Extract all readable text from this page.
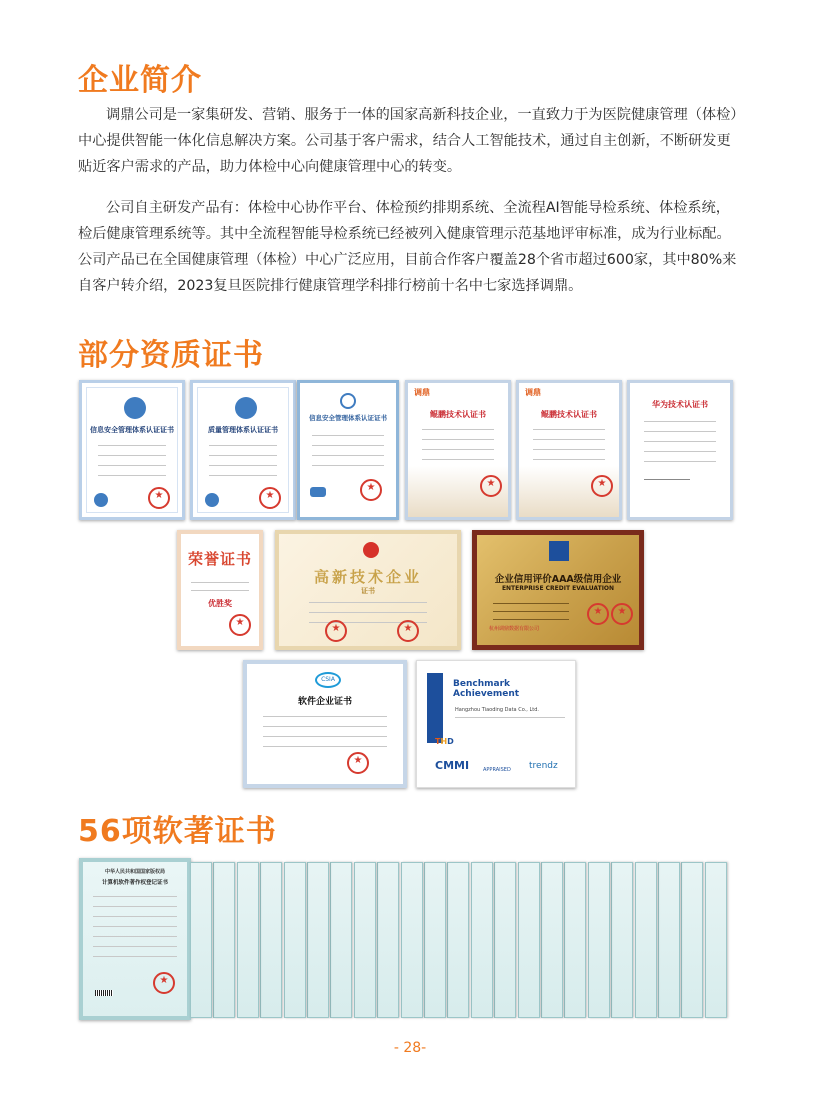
企业简介

调鼎公司是一家集研发、营销、服务于一体的国家高新科技企业，一直致力于为医院健康管理（体检）中心提供智能一体化信息解决方案。公司基于客户需求，结合人工智能技术，通过自主创新，不断研发更贴近客户需求的产品，助力体检中心向健康管理中心的转变。

公司自主研发产品有：体检中心协作平台、体检预约排期系统、全流程AI智能导检系统、体检系统，检后健康管理系统等。其中全流程智能导检系统已经被列入健康管理示范基地评审标准，成为行业标配。公司产品已在全国健康管理（体检）中心广泛应用，目前合作客户覆盖28个省市超过600家，其中80%来自客户转介绍，2023复旦医院排行健康管理学科排行榜前十名中七家选择调鼎。

部分资质证书
信息安全管理体系认证证书
★	质量管理体系认证证书
★
信息安全管理体系认证证书
★
调鼎
鲲鹏技术认证书
★
调鼎
鲲鹏技术认证书
★
华为技术认证书
荣誉证书
优胜奖
★
高新技术企业
证书
★
★
企业信用评价AAA级信用企业
ENTERPRISE CREDIT EVALUATION
杭州调鼎数据有限公司
★
★
CSIA
软件企业证书
★
Benchmark Achievement
Hangzhou Tiaoding Data Co., Ltd.
THD
CMMI	APPRAISED trendz
56项软著证书
中华人民共和国国家版权局
计算机软件著作权登记证书
★
- 28-
